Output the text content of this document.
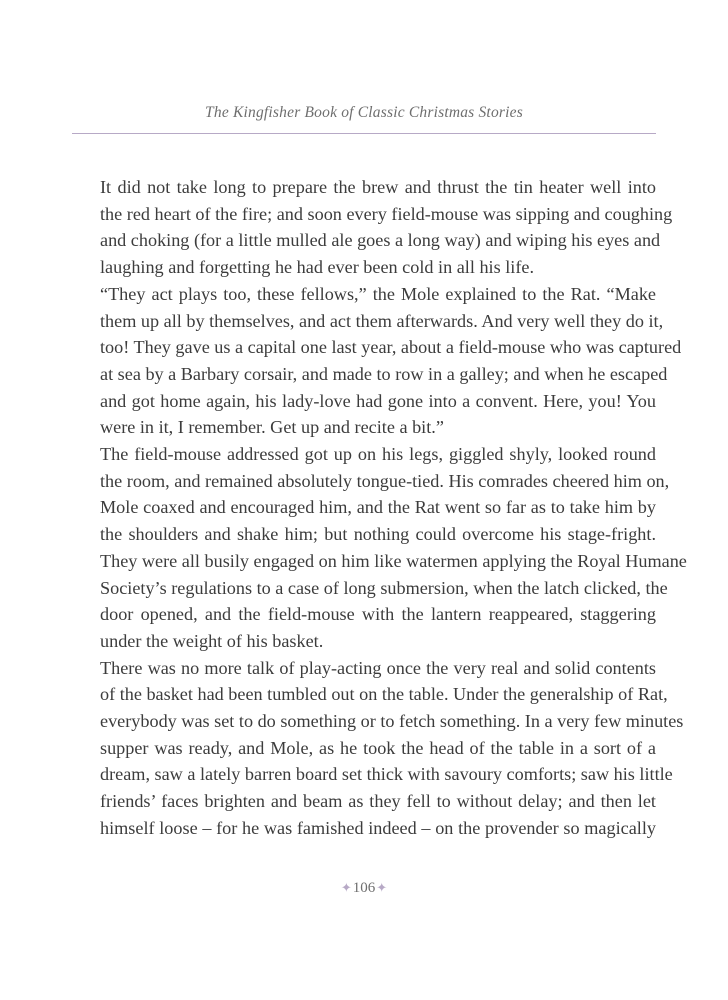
The Kingfisher Book of Classic Christmas Stories

It did not take long to prepare the brew and thrust the tin heater well into
the red heart of the fire; and soon every field-mouse was sipping and coughing
and choking (for a little mulled ale goes a long way) and wiping his eyes and
laughing and forgetting he had ever been cold in all his life.

“They act plays too, these fellows,” the Mole explained to the Rat. “Make
them up all by themselves, and act them afterwards. And very well they do it,
too! They gave us a capital one last year, about a field-mouse who was captured
at sea by a Barbary corsair, and made to row in a galley; and when he escaped
and got home again, his lady-love had gone into a convent. Here, you! You
were in it, I remember. Get up and recite a bit.”

The field-mouse addressed got up on his legs, giggled shyly, looked round
the room, and remained absolutely tongue-tied. His comrades cheered him on,
Mole coaxed and encouraged him, and the Rat went so far as to take him by
the shoulders and shake him; but nothing could overcome his stage-fright.
They were all busily engaged on him like watermen applying the Royal Humane
Society’s regulations to a case of long submersion, when the latch clicked, the
door opened, and the field-mouse with the lantern reappeared, staggering
under the weight of his basket.

There was no more talk of play-acting once the very real and solid contents
of the basket had been tumbled out on the table. Under the generalship of Rat,
everybody was set to do something or to fetch something. In a very few minutes
supper was ready, and Mole, as he took the head of the table in a sort of a
dream, saw a lately barren board set thick with savoury comforts; saw his little
friends’ faces brighten and beam as they fell to without delay; and then let
himself loose – for he was famished indeed – on the provender so magically

✦106✦
